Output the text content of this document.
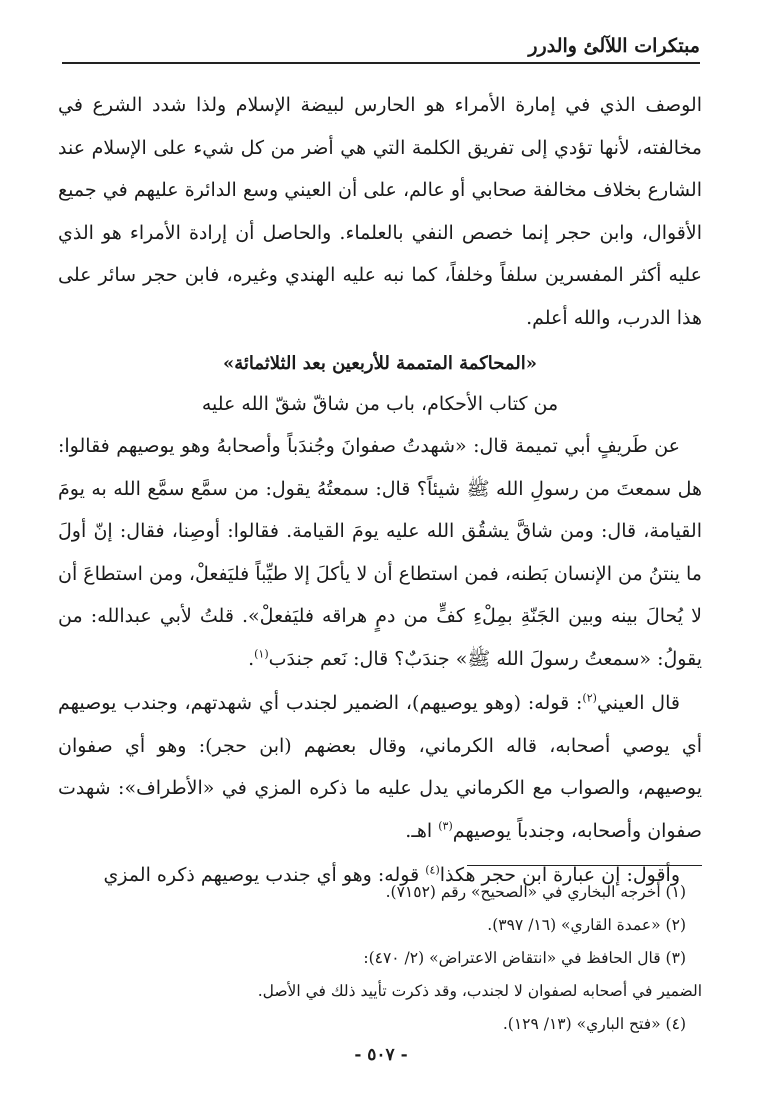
مبتكرات اللآلئ والدرر

الوصف الذي في إمارة الأمراء هو الحارس لبيضة الإسلام ولذا شدد الشرع في مخالفته، لأنها تؤدي إلى تفريق الكلمة التي هي أضر من كل شيء على الإسلام عند الشارع بخلاف مخالفة صحابي أو عالم، على أن العيني وسع الدائرة عليهم في جميع الأقوال، وابن حجر إنما خصص النفي بالعلماء. والحاصل أن إرادة الأمراء هو الذي عليه أكثر المفسرين سلفاً وخلفاً، كما نبه عليه الهندي وغيره، فابن حجر سائر على هذا الدرب، والله أعلم.

«المحاكمة المتممة للأربعين بعد الثلاثمائة»

من كتاب الأحكام، باب من شاقّ شقّ الله عليه

عن طَريفٍ أبي تميمة قال: «شهدتُ صفوانَ وجُندَباً وأصحابهُ وهو يوصيهم فقالوا: هل سمعتَ من رسولِ الله ﷺ شيئاً؟ قال: سمعتُهُ يقول: من سمَّع سمَّع الله به يومَ القيامة، قال: ومن شاقَّ يشقُق الله عليه يومَ القيامة. فقالوا: أوصِنا، فقال: إنّ أولَ ما ينتنُ من الإنسان بَطنه، فمن استطاع أن لا يأكلَ إلا طيِّباً فليَفعلْ، ومن استطاعَ أن لا يُحالَ بينه وبين الجَنّةِ بمِلْءِ كفٍّ من دمٍ هراقه فليَفعلْ». قلتُ لأبي عبدالله: من يقولُ: «سمعتُ رسولَ الله ﷺ» جندَبٌ؟ قال: نَعم جندَب$^{(١)}$.

قال العيني$^{(٢)}$: قوله: (وهو يوصيهم)، الضمير لجندب أي شهدتهم، وجندب يوصيهم أي يوصي أصحابه، قاله الكرماني، وقال بعضهم (ابن حجر): وهو أي صفوان يوصيهم، والصواب مع الكرماني يدل عليه ما ذكره المزي في «الأطراف»: شهدت صفوان وأصحابه، وجندباً يوصيهم$^{(٣)}$ اهـ.

وأقول: إن عبارة ابن حجر هكذا$^{(٤)}$ قوله: وهو أي جندب يوصيهم ذكره المزي

(١) أخرجه البخاري في «الصحيح» رقم (٧١٥٢).
(٢) «عمدة القاري» (١٦/ ٣٩٧).
(٣) قال الحافظ في «انتقاض الاعتراض» (٢/ ٤٧٠):
الضمير في أصحابه لصفوان لا لجندب، وقد ذكرت تأييد ذلك في الأصل.
(٤) «فتح الباري» (١٣/ ١٢٩).
- ٥٠٧ -
